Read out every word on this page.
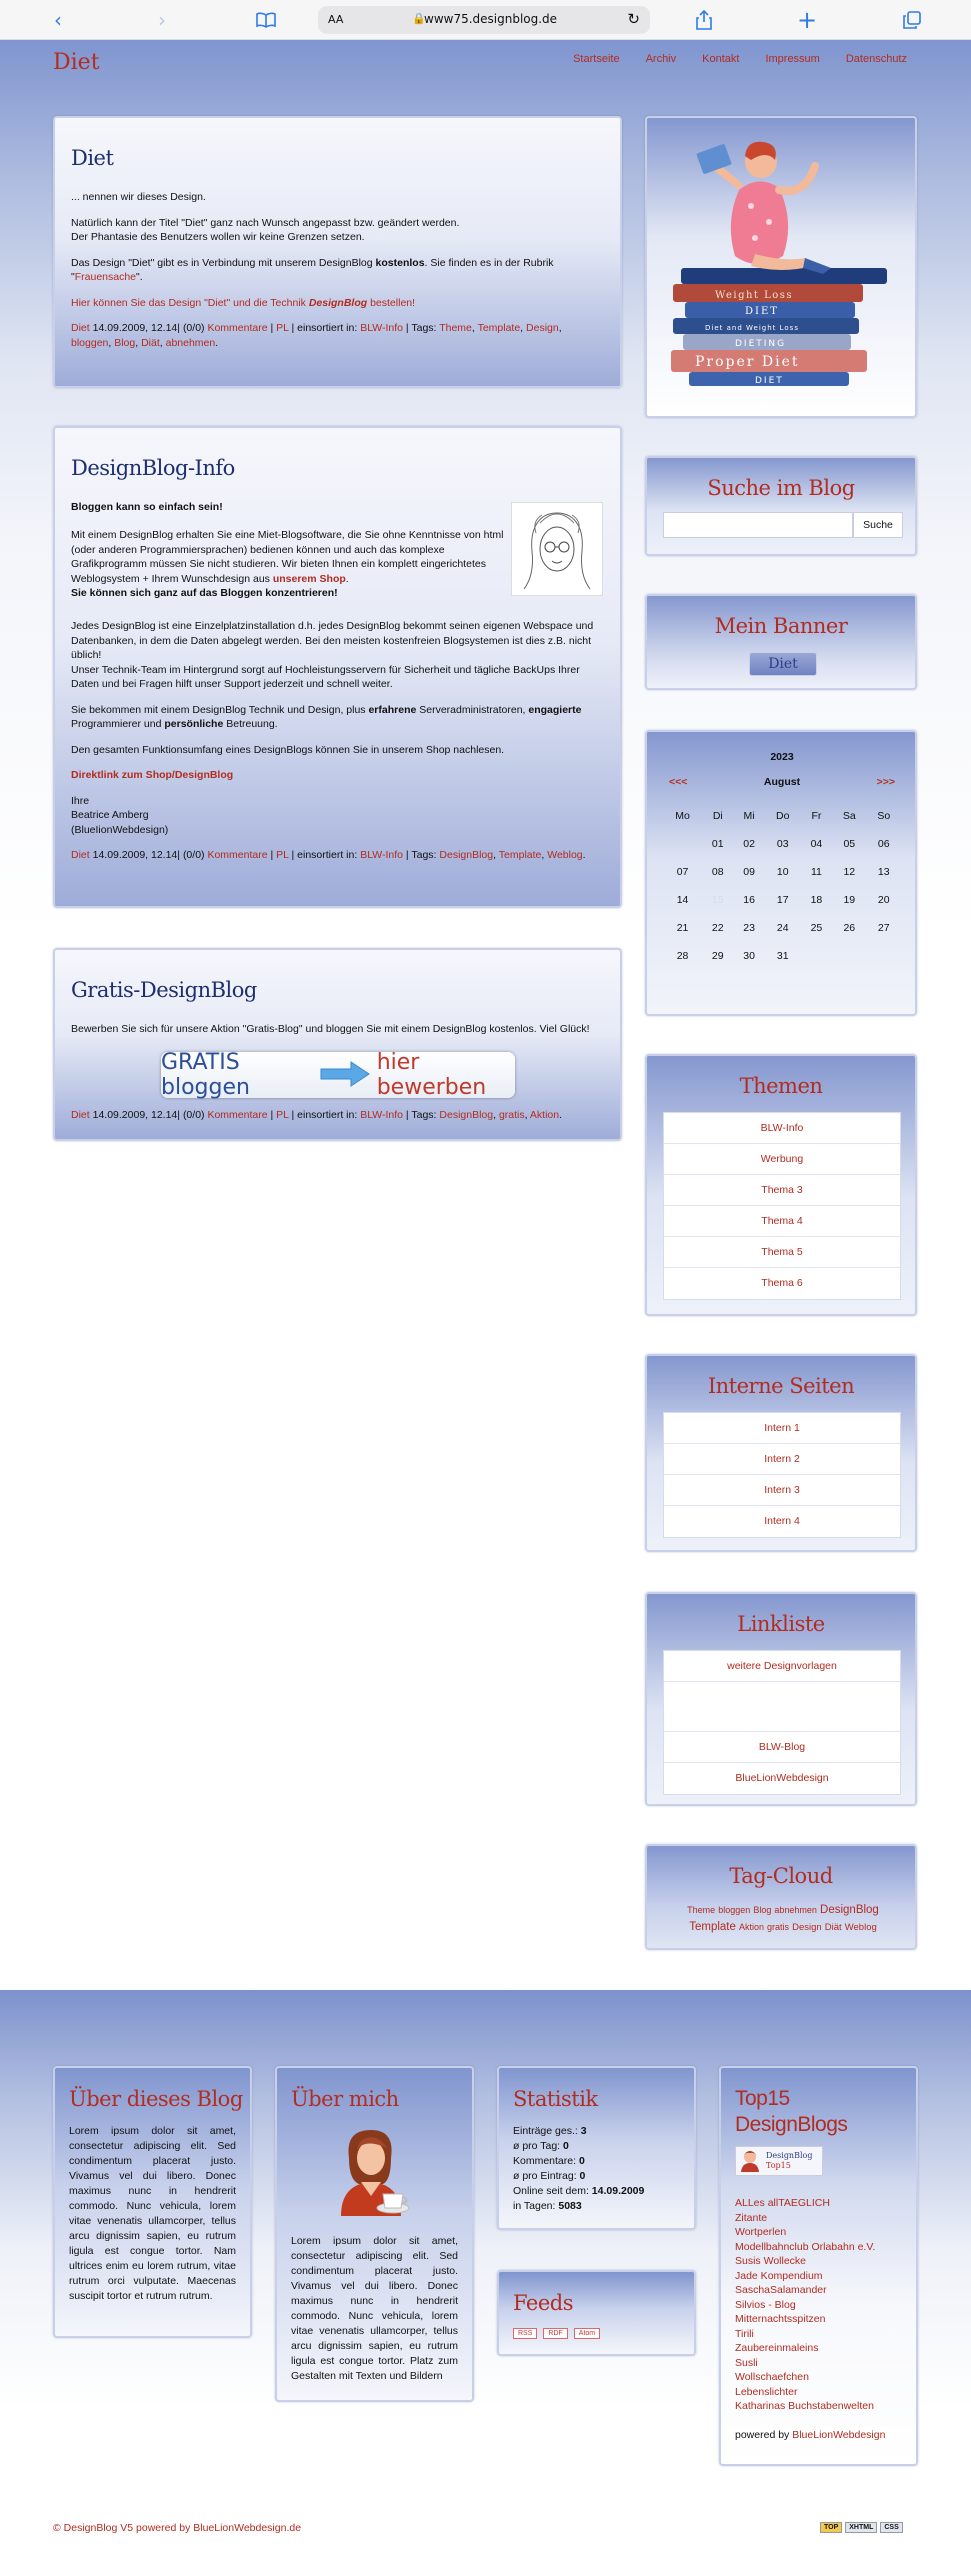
‹	›	AA	🔒
www75.designblog.de	↻	+
Diet	Startseite Archiv Kontakt Impressum Datenschutz
Diet

... nennen wir dieses Design.

Natürlich kann der Titel "Diet" ganz nach Wunsch angepasst bzw. geändert werden.

Der Phantasie des Benutzers wollen wir keine Grenzen setzen.

Das Design "Diet" gibt es in Verbindung mit unserem DesignBlog kostenlos. Sie finden es in der Rubrik "Frauensache".

Hier können Sie das Design "Diet" und die Technik DesignBlog bestellen!

Diet 14.09.2009, 12.14| (0/0) Kommentare | PL | einsortiert in: BLW-Info | Tags: Theme, Template, Design, bloggen, Blog, Diät, abnehmen.
DesignBlog-Info

Bloggen kann so einfach sein!

Mit einem DesignBlog erhalten Sie eine Miet-Blogsoftware, die Sie ohne Kenntnisse von html (oder anderen Programmiersprachen) bedienen können und auch das komplexe Grafikprogramm müssen Sie nicht studieren. Wir bieten Ihnen ein komplett eingerichtetes Weblogsystem + Ihrem Wunschdesign aus unserem Shop.

Sie können sich ganz auf das Bloggen konzentrieren!

Jedes DesignBlog ist eine Einzelplatzinstallation d.h. jedes DesignBlog bekommt seinen eigenen Webspace und Datenbanken, in dem die Daten abgelegt werden. Bei den meisten kostenfreien Blogsystemen ist dies z.B. nicht üblich!

Unser Technik-Team im Hintergrund sorgt auf Hochleistungsservern für Sicherheit und tägliche BackUps Ihrer Daten und bei Fragen hilft unser Support jederzeit und schnell weiter.

Sie bekommen mit einem DesignBlog Technik und Design, plus erfahrene Serveradministratoren, engagierte Programmierer und persönliche Betreuung.

Den gesamten Funktionsumfang eines DesignBlogs können Sie in unserem Shop nachlesen.

Direktlink zum Shop/DesignBlog

Ihre
Beatrice Amberg
(BlueIionWebdesign)
Diet 14.09.2009, 12.14| (0/0) Kommentare | PL | einsortiert in: BLW-Info | Tags: DesignBlog, Template, Weblog.
Gratis-DesignBlog
Bewerben Sie sich für unsere Aktion "Gratis-Blog" und bloggen Sie mit einem DesignBlog kostenlos. Viel Glück!
GRATIS bloggen
hier bewerben
Diet 14.09.2009, 12.14| (0/0) Kommentare | PL | einsortiert in: BLW-Info | Tags: DesignBlog, gratis, Aktion.
Weight Loss
DIET
Diet and Weight Loss
DIETING
Proper Diet
DIET
Suche im Blog
Suche
Mein Banner
Diet
2023
<<<	August	>>>
Mo	Di	Mi	Do	Fr	Sa	So
	01	02	03	04	05	06
07	08	09	10	11	12	13
14	15	16	17	18	19	20
21	22	23	24	25	26	27
28	29	30	31			
Themen
BLW-Info
Werbung
Thema 3
Thema 4
Thema 5
Thema 6
Interne Seiten
Intern 1
Intern 2
Intern 3
Intern 4
Linkliste
weitere Designvorlagen
BLW-Blog
BlueLionWebdesign
Tag-Cloud
Theme bloggen Blog abnehmen DesignBlog
Template Aktion gratis Design Diät Weblog
Über dieses Blog
Lorem ipsum dolor sit amet, consectetur adipiscing elit. Sed condimentum placerat justo. Vivamus vel dui libero. Donec maximus nunc in hendrerit commodo. Nunc vehicula, lorem vitae venenatis ullamcorper, tellus arcu dignissim sapien, eu rutrum ligula est congue tortor. Nam ultrices enim eu lorem rutrum, vitae rutrum orci vulputate. Maecenas suscipit tortor et rutrum rutrum.
Über mich
Lorem ipsum dolor sit amet, consectetur adipiscing elit. Sed condimentum placerat justo. Vivamus vel dui libero. Donec maximus nunc in hendrerit commodo. Nunc vehicula, lorem vitae venenatis ullamcorper, tellus arcu dignissim sapien, eu rutrum ligula est congue tortor. Platz zum Gestalten mit Texten und Bildern
Statistik
Einträge ges.: 3
ø pro Tag: 0
Kommentare: 0
ø pro Eintrag: 0
Online seit dem: 14.09.2009
in Tagen: 5083
Feeds
RSS	RDF	Atom
Top15
DesignBlogs
DesignBlog
Top15
ALLes allTAEGLICH
Zitante
Wortperlen
Modellbahnclub Orlabahn e.V.
Susis Wollecke
Jade Kompendium
SaschaSalamander
Silvios - Blog
Mitternachtsspitzen
Tirili
Zaubereinmaleins
Susli
Wollschaefchen
Lebenslichter
Katharinas Buchstabenwelten
powered by BlueLionWebdesign
© DesignBlog V5 powered by BlueLionWebdesign.de	TOP	XHTML	CSS
